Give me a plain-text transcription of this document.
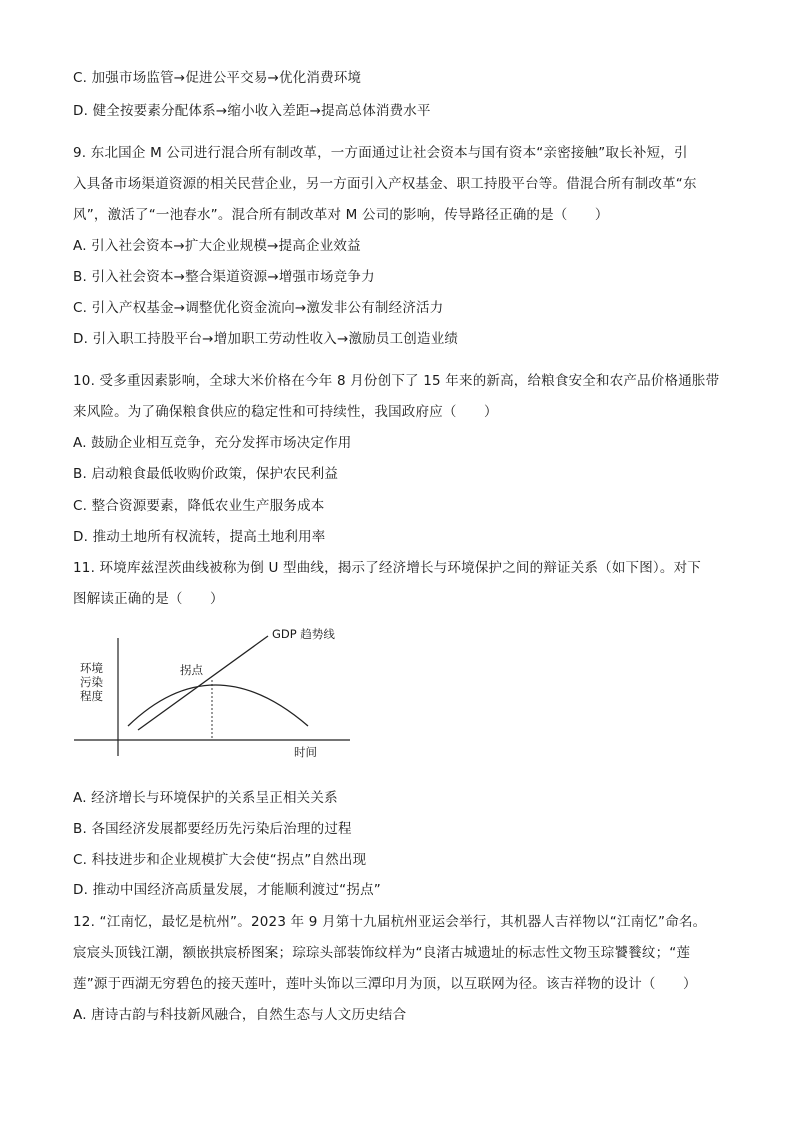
C. 加强市场监管→促进公平交易→优化消费环境
D. 健全按要素分配体系→缩小收入差距→提高总体消费水平
9. 东北国企 M 公司进行混合所有制改革，一方面通过让社会资本与国有资本“亲密接触”取长补短，引
入具备市场渠道资源的相关民营企业，另一方面引入产权基金、职工持股平台等。借混合所有制改革“东
风”，激活了“一池春水”。混合所有制改革对 M 公司的影响，传导路径正确的是（　　）
A. 引入社会资本→扩大企业规模→提高企业效益
B. 引入社会资本→整合渠道资源→增强市场竞争力
C. 引入产权基金→调整优化资金流向→激发非公有制经济活力
D. 引入职工持股平台→增加职工劳动性收入→激励员工创造业绩
10. 受多重因素影响，全球大米价格在今年 8 月份创下了 15 年来的新高，给粮食安全和农产品价格通胀带
来风险。为了确保粮食供应的稳定性和可持续性，我国政府应（　　）
A. 鼓励企业相互竞争，充分发挥市场决定作用
B. 启动粮食最低收购价政策，保护农民利益
C. 整合资源要素，降低农业生产服务成本
D. 推动土地所有权流转，提高土地利用率
11. 环境库兹涅茨曲线被称为倒 U 型曲线，揭示了经济增长与环境保护之间的辩证关系（如下图）。对下
图解读正确的是（　　）
GDP 趋势线
拐点
环境
污染
程度
时间
A. 经济增长与环境保护的关系呈正相关关系
B. 各国经济发展都要经历先污染后治理的过程
C. 科技进步和企业规模扩大会使“拐点”自然出现
D. 推动中国经济高质量发展，才能顺利渡过“拐点”
12. “江南忆，最忆是杭州”。2023 年 9 月第十九届杭州亚运会举行，其机器人吉祥物以“江南忆”命名。
宸宸头顶钱江潮，额嵌拱宸桥图案；琮琮头部装饰纹样为“良渚古城遗址的标志性文物玉琮饕餮纹；“莲
莲”源于西湖无穷碧色的接天莲叶，莲叶头饰以三潭印月为顶，以互联网为径。该吉祥物的设计（　　）
A. 唐诗古韵与科技新风融合，自然生态与人文历史结合
